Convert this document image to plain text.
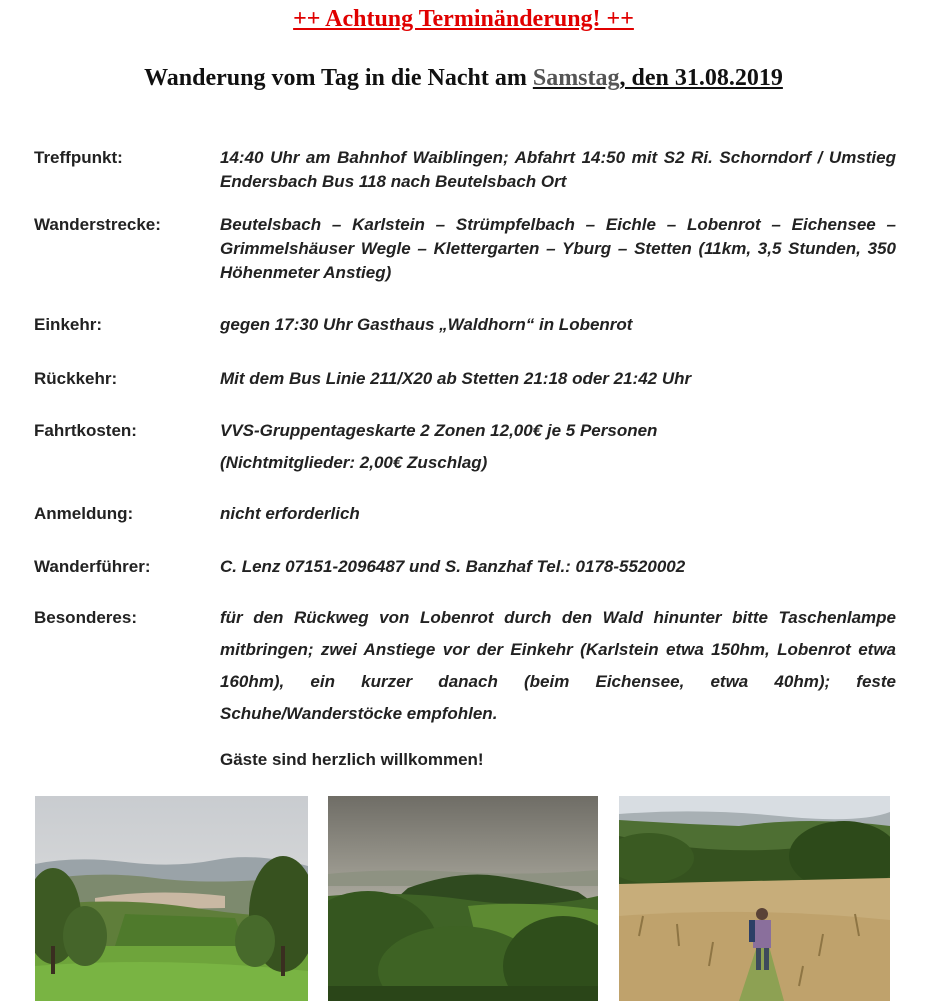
++ Achtung Terminänderung! ++
Wanderung vom Tag in die Nacht am Samstag, den 31.08.2019
Treffpunkt:	14:40 Uhr am Bahnhof Waiblingen; Abfahrt 14:50 mit S2 Ri. Schorndorf / Umstieg Endersbach Bus 118 nach Beutelsbach Ort
Wanderstrecke:	Beutelsbach – Karlstein – Strümpfelbach – Eichle – Lobenrot – Eichensee – Grimmelshäuser Wegle – Klettergarten – Yburg – Stetten (11km, 3,5 Stunden, 350 Höhenmeter Anstieg)
Einkehr:	gegen 17:30 Uhr Gasthaus „Waldhorn“ in Lobenrot
Rückkehr:	Mit dem Bus Linie 211/X20 ab Stetten 21:18 oder 21:42 Uhr
Fahrtkosten:	VVS-Gruppentageskarte 2 Zonen 12,00€ je 5 Personen
(Nichtmitglieder: 2,00€ Zuschlag)
Anmeldung:	nicht erforderlich
Wanderführer:	C. Lenz 07151-2096487 und S. Banzhaf Tel.: 0178-5520002
Besonderes:	für den Rückweg von Lobenrot durch den Wald hinunter bitte Taschenlampe mitbringen; zwei Anstiege vor der Einkehr (Karlstein etwa 150hm, Lobenrot etwa 160hm), ein kurzer danach (beim Eichensee, etwa 40hm); feste Schuhe/Wanderstöcke empfohlen.
Gäste sind herzlich willkommen!
